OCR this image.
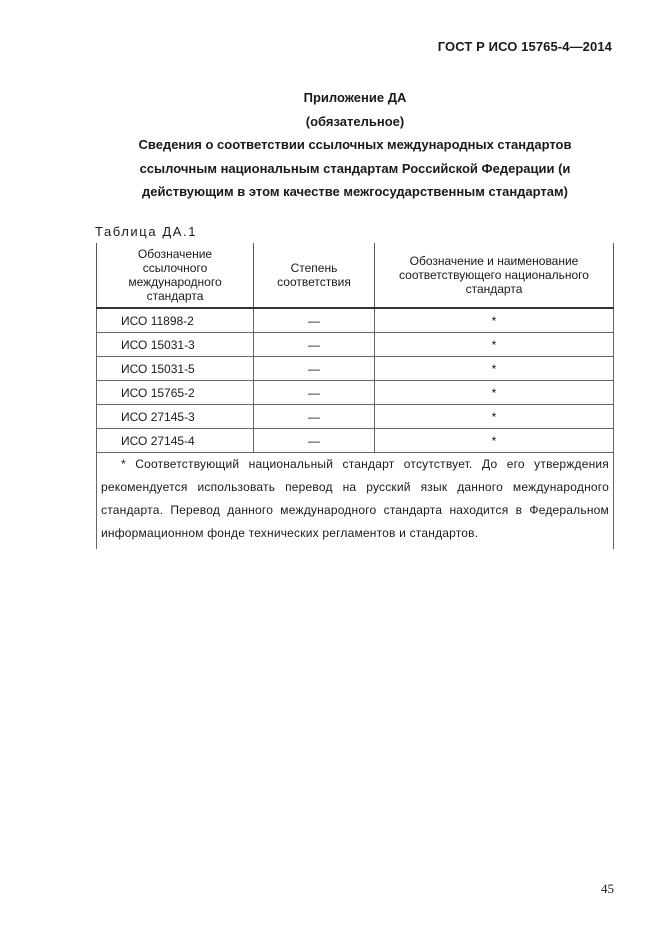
ГОСТ Р ИСО 15765-4—2014
Приложение ДА
(обязательное)
Сведения о соответствии ссылочных международных стандартов
ссылочным национальным стандартам Российской Федерации (и
действующим в этом качестве межгосударственным стандартам)
Таблица ДА.1
Обозначение ссылочного международного стандарта	Степень соответствия	Обозначение и наименование соответствующего национального стандарта

ИСО 11898-2	—	*
ИСО 15031-3	—	*
ИСО 15031-5	—	*
ИСО 15765-2	—	*
ИСО 27145-3	—	*
ИСО 27145-4	—	*

* Соответствующий национальный стандарт отсутствует. До его утверждения рекомендуется использовать перевод на русский язык данного международного стандарта. Перевод данного международного стандарта находится в Федеральном информационном фонде технических регламентов и стандартов.		
45
